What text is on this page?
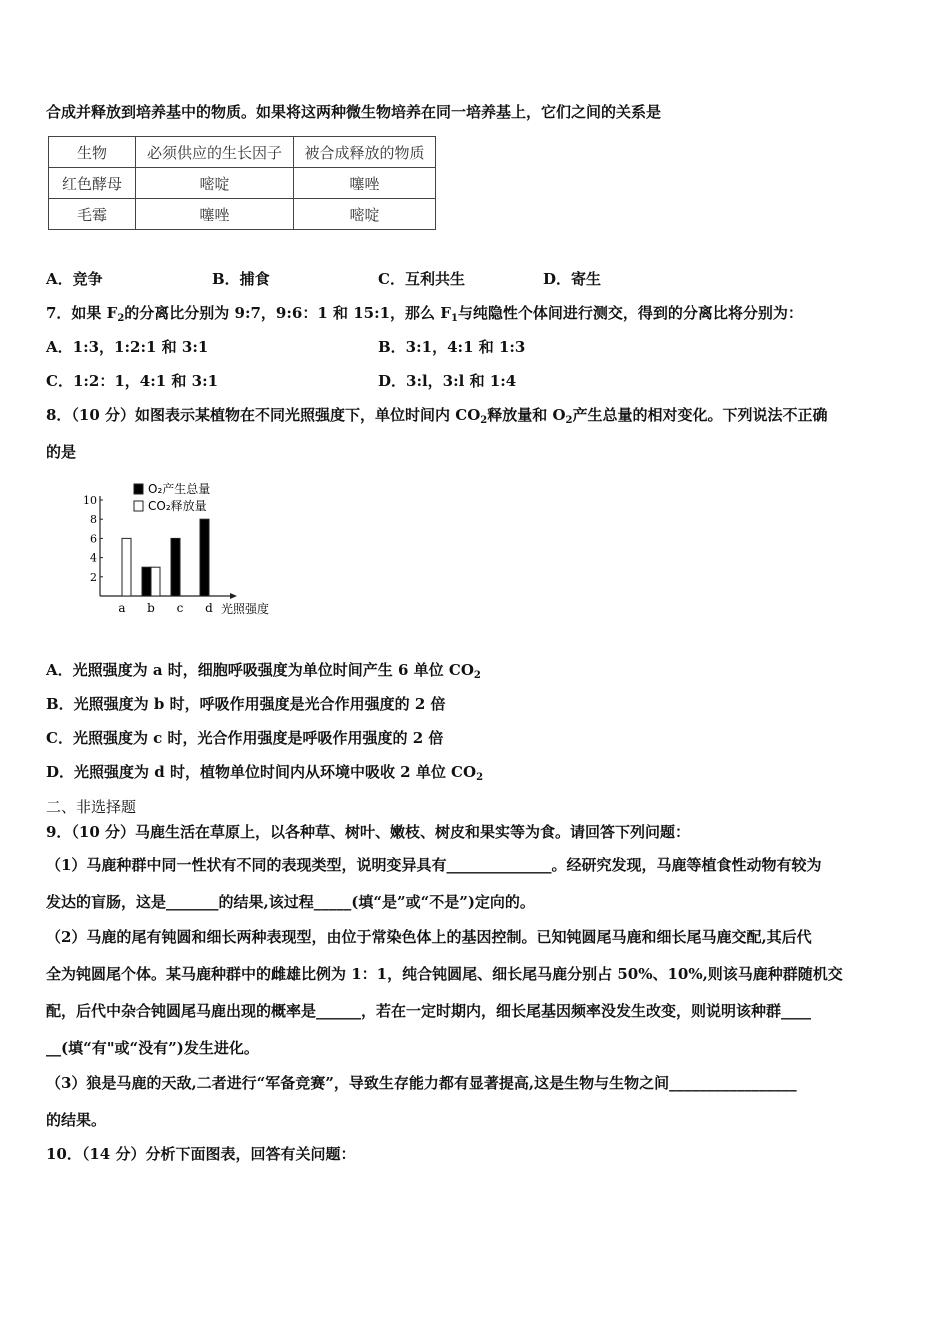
合成并释放到培养基中的物质。如果将这两种微生物培养在同一培养基上，它们之间的关系是
生物	必须供应的生长因子	被合成释放的物质
红色酵母	嘧啶	噻唑
毛霉	噻唑	嘧啶
A．竞争	B．捕食	C．互利共生	D．寄生
7．如果 $F_2$的分离比分别为 9:7，9:6：1 和 15:1，那么 $F_1$与纯隐性个体间进行测交，得到的分离比将分别为：
A．1:3，1:2:1 和 3:1	B．3:1，4:1 和 1:3
C．1:2：1，4:1 和 3:1	D．3:l，3:l 和 1:4
8．（10 分）如图表示某植物在不同光照强度下，单位时间内 $CO_2$释放量和 $O_2$产生总量的相对变化。下列说法不正确
的是
2
4
6
8
10
a b c d 光照强度
O₂产生总量
CO₂释放量
A．光照强度为 a 时，细胞呼吸强度为单位时间产生 6 单位 $CO_2$
B．光照强度为 b 时，呼吸作用强度是光合作用强度的 2 倍
C．光照强度为 c 时，光合作用强度是呼吸作用强度的 2 倍
D．光照强度为 d 时，植物单位时间内从环境中吸收 2 单位 $CO_2$
二、非选择题
9．（10 分）马鹿生活在草原上，以各种草、树叶、嫩枝、树皮和果实等为食。请回答下列问题：
（1）马鹿种群中同一性状有不同的表现类型，说明变异具有______________。经研究发现，马鹿等植食性动物有较为
发达的盲肠，这是_______的结果,该过程_____(填“是”或“不是”)定向的。
（2）马鹿的尾有钝圆和细长两种表现型，由位于常染色体上的基因控制。已知钝圆尾马鹿和细长尾马鹿交配,其后代
全为钝圆尾个体。某马鹿种群中的雌雄比例为 1：1，纯合钝圆尾、细长尾马鹿分别占 50%、10%,则该马鹿种群随机交
配，后代中杂合钝圆尾马鹿出现的概率是______，若在一定时期内，细长尾基因频率没发生改变，则说明该种群____
__(填“有"或“没有”)发生进化。
（3）狼是马鹿的天敌,二者进行“军备竞赛”，导致生存能力都有显著提高,这是生物与生物之间_________________
的结果。
10．（14 分）分析下面图表，回答有关问题：
